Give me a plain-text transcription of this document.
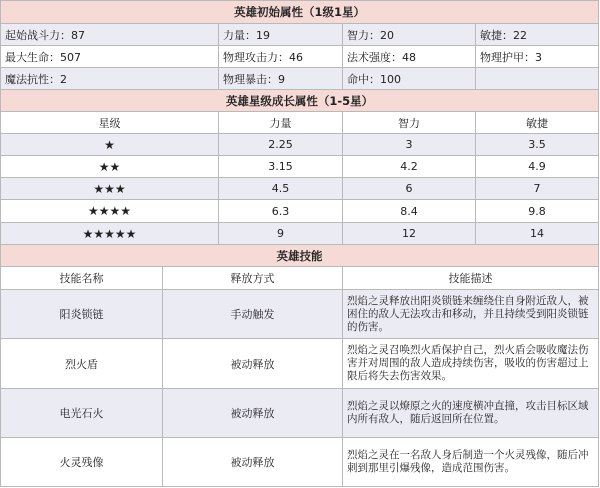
英雄初始属性（1级1星）				
起始战斗力：87		力量：19	智力：20	敏捷：22
最大生命：507		物理攻击力：46	法术强度：48	物理护甲：3
魔法抗性：2		物理暴击：9	命中：100	
英雄星级成长属性（1-5星）				
星级		力量	智力	敏捷
★		2.25	3	3.5
★★		3.15	4.2	4.9
★★★		4.5	6	7
★★★★		6.3	8.4	9.8
★★★★★		9	12	14
英雄技能				
技能名称	释放方式		技能描述	
阳炎锁链	手动触发		烈焰之灵释放出阳炎锁链来缠绕住自身附近敌人，被困住的敌人无法攻击和移动，并且持续受到阳炎锁链的伤害。	
烈火盾	被动释放		烈焰之灵召唤烈火盾保护自己，烈火盾会吸收魔法伤害并对周围的敌人造成持续伤害，吸收的伤害超过上限后将失去伤害效果。	
电光石火	被动释放		烈焰之灵以燎原之火的速度横冲直撞，攻击目标区域内所有敌人，随后返回所在位置。	
火灵残像	被动释放		烈焰之灵在一名敌人身后制造一个火灵残像，随后冲刺到那里引爆残像，造成范围伤害。	
